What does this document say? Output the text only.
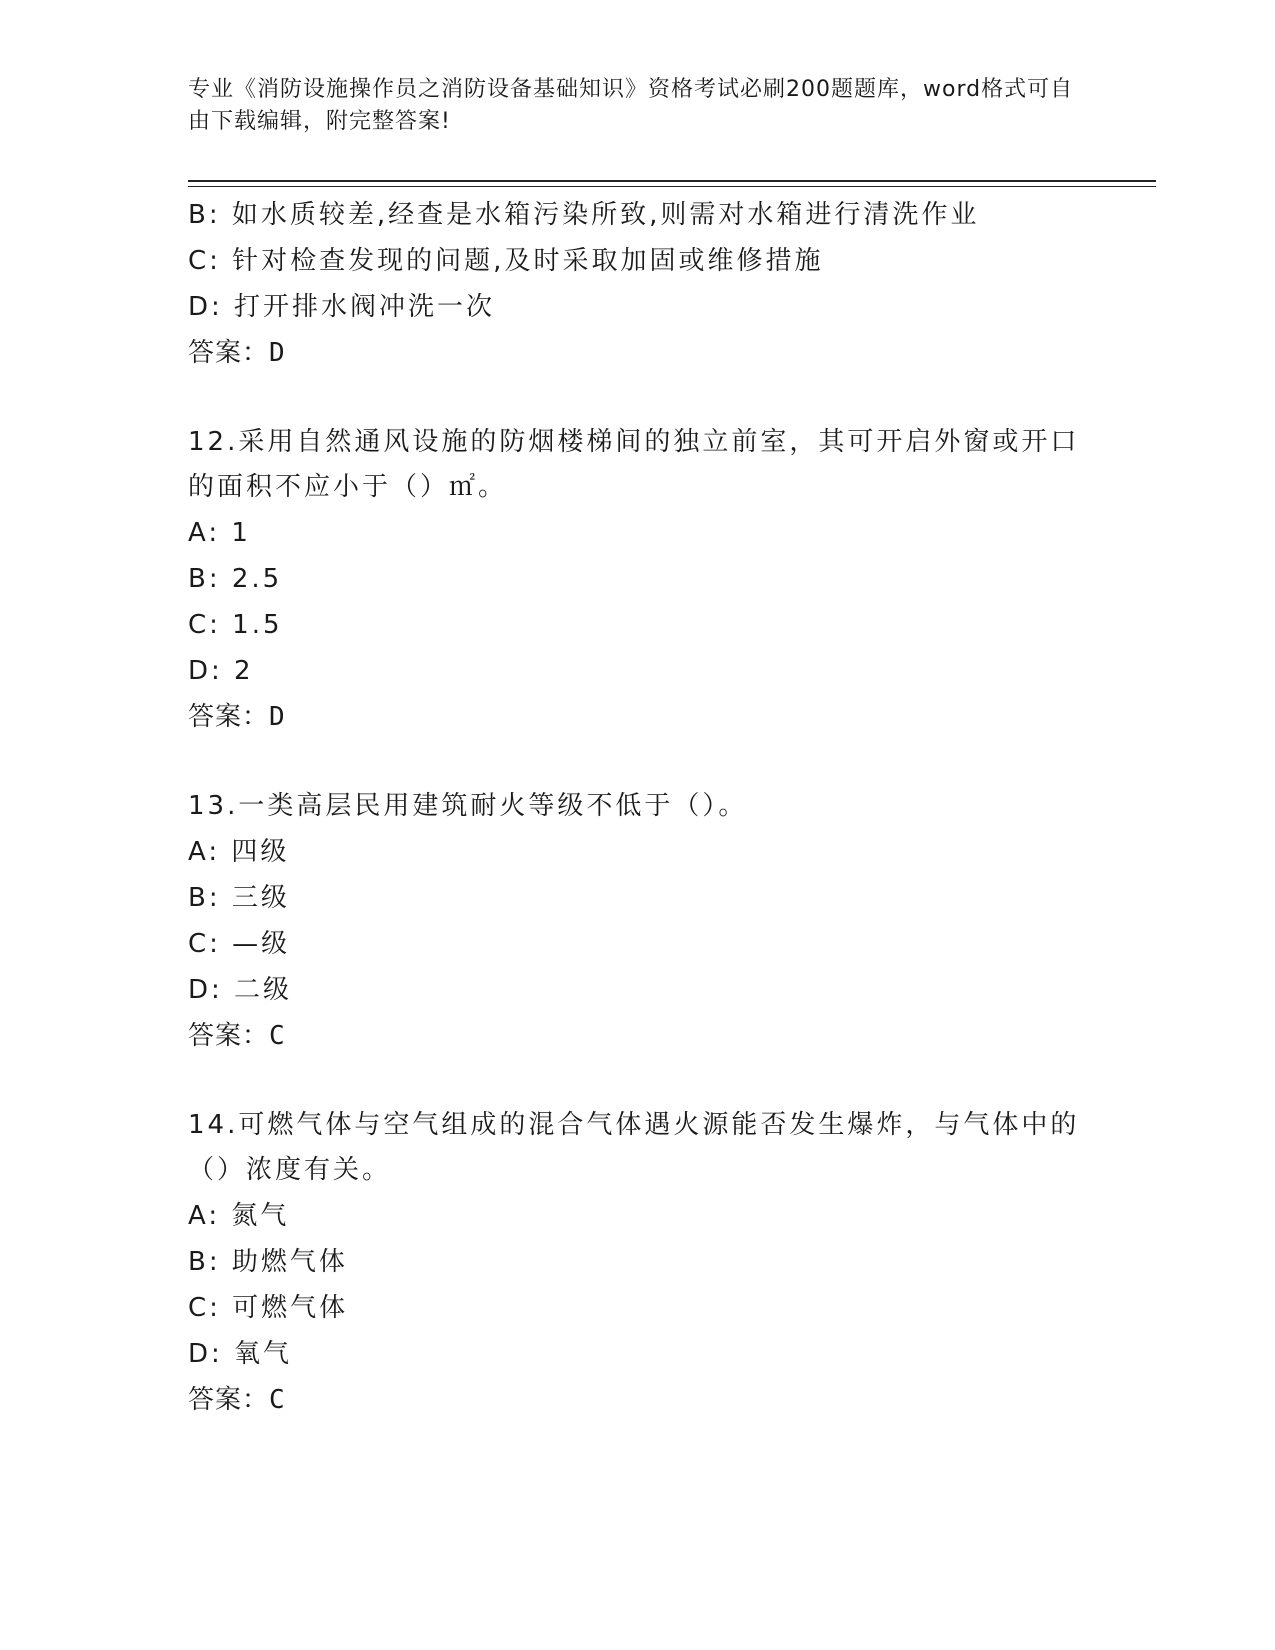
专业《消防设施操作员之消防设备基础知识》资格考试必刷200题题库，word格式可自由下载编辑，附完整答案!
B: 如水质较差,经查是水箱污染所致,则需对水箱进行清洗作业
C: 针对检查发现的问题,及时采取加固或维修措施
D: 打开排水阀冲洗一次
答案：D
12.采用自然通风设施的防烟楼梯间的独立前室，其可开启外窗或开口的面积不应小于（）㎡。
A: 1
B: 2.5
C: 1.5
D: 2
答案：D
13.一类高层民用建筑耐火等级不低于（）。
A: 四级
B: 三级
C: —级
D: 二级
答案：C
14.可燃气体与空气组成的混合气体遇火源能否发生爆炸，与气体中的（）浓度有关。
A: 氮气
B: 助燃气体
C: 可燃气体
D: 氧气
答案：C
